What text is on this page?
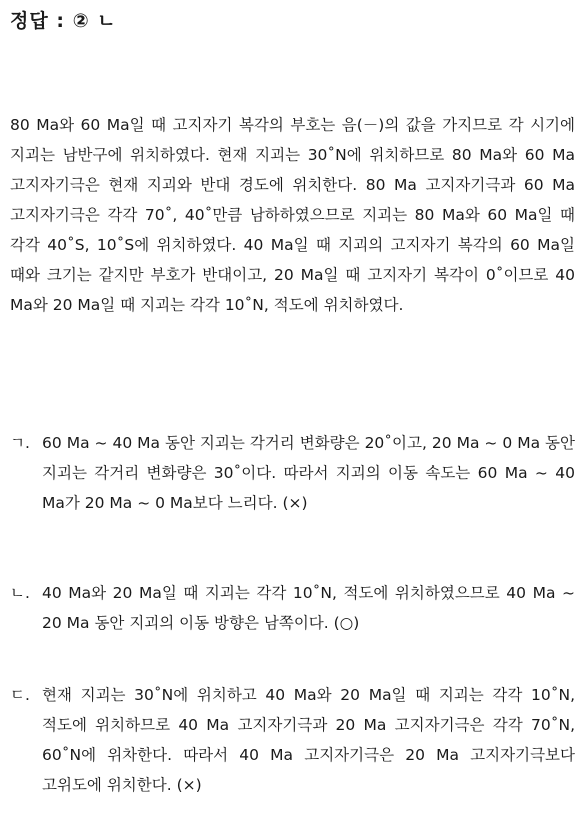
정답 : ② ㄴ
80 Ma와 60 Ma일 때 고지자기 복각의 부호는 음(－)의 값을 가지므로 각 시기에 지괴는 남반구에 위치하였다. 현재 지괴는 30˚N에 위치하므로 80 Ma와 60 Ma 고지자기극은 현재 지괴와 반대 경도에 위치한다. 80 Ma 고지자기극과 60 Ma 고지자기극은 각각 70˚, 40˚만큼 남하하였으므로 지괴는 80 Ma와 60 Ma일 때 각각 40˚S, 10˚S에 위치하였다. 40 Ma일 때 지괴의 고지자기 복각의 60 Ma일 때와 크기는 같지만 부호가 반대이고, 20 Ma일 때 고지자기 복각이 0˚이므로 40 Ma와 20 Ma일 때 지괴는 각각 10˚N, 적도에 위치하였다.
ㄱ. 60 Ma ~ 40 Ma 동안 지괴는 각거리 변화량은 20˚이고, 20 Ma ~ 0 Ma 동안 지괴는 각거리 변화량은 30˚이다. 따라서 지괴의 이동 속도는 60 Ma ~ 40 Ma가 20 Ma ~ 0 Ma보다 느리다. (×)
ㄴ. 40 Ma와 20 Ma일 때 지괴는 각각 10˚N, 적도에 위치하였으므로 40 Ma ~ 20 Ma 동안 지괴의 이동 방향은 남쪽이다. (○)
ㄷ. 현재 지괴는 30˚N에 위치하고 40 Ma와 20 Ma일 때 지괴는 각각 10˚N, 적도에 위치하므로 40 Ma 고지자기극과 20 Ma 고지자기극은 각각 70˚N, 60˚N에 위차한다. 따라서 40 Ma 고지자기극은 20 Ma 고지자기극보다 고위도에 위치한다. (×)
